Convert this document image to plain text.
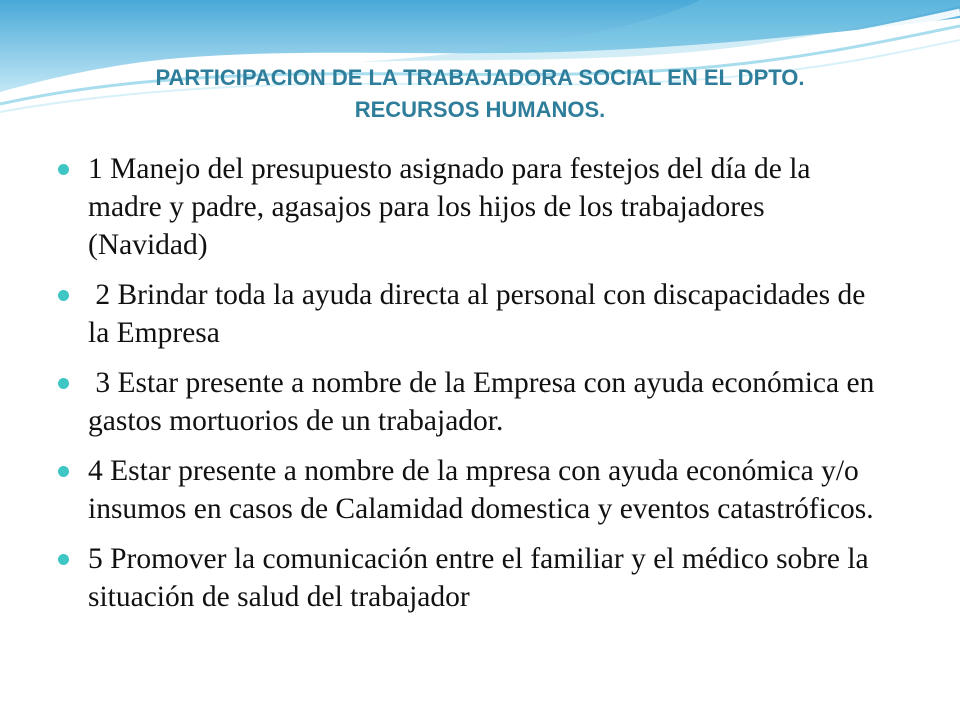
PARTICIPACION DE LA TRABAJADORA SOCIAL EN EL DPTO.
RECURSOS HUMANOS.
1 Manejo del presupuesto asignado para festejos del día de la madre y padre, agasajos para los hijos de los trabajadores (Navidad)
2 Brindar toda la ayuda directa al personal con discapacidades de la Empresa
3 Estar presente a nombre de la Empresa con ayuda económica en gastos mortuorios de un trabajador.
4 Estar presente a nombre de la mpresa con ayuda económica y/o insumos en casos de Calamidad domestica y eventos catastróficos.
5 Promover la comunicación entre el familiar y el médico sobre la situación de salud del trabajador
